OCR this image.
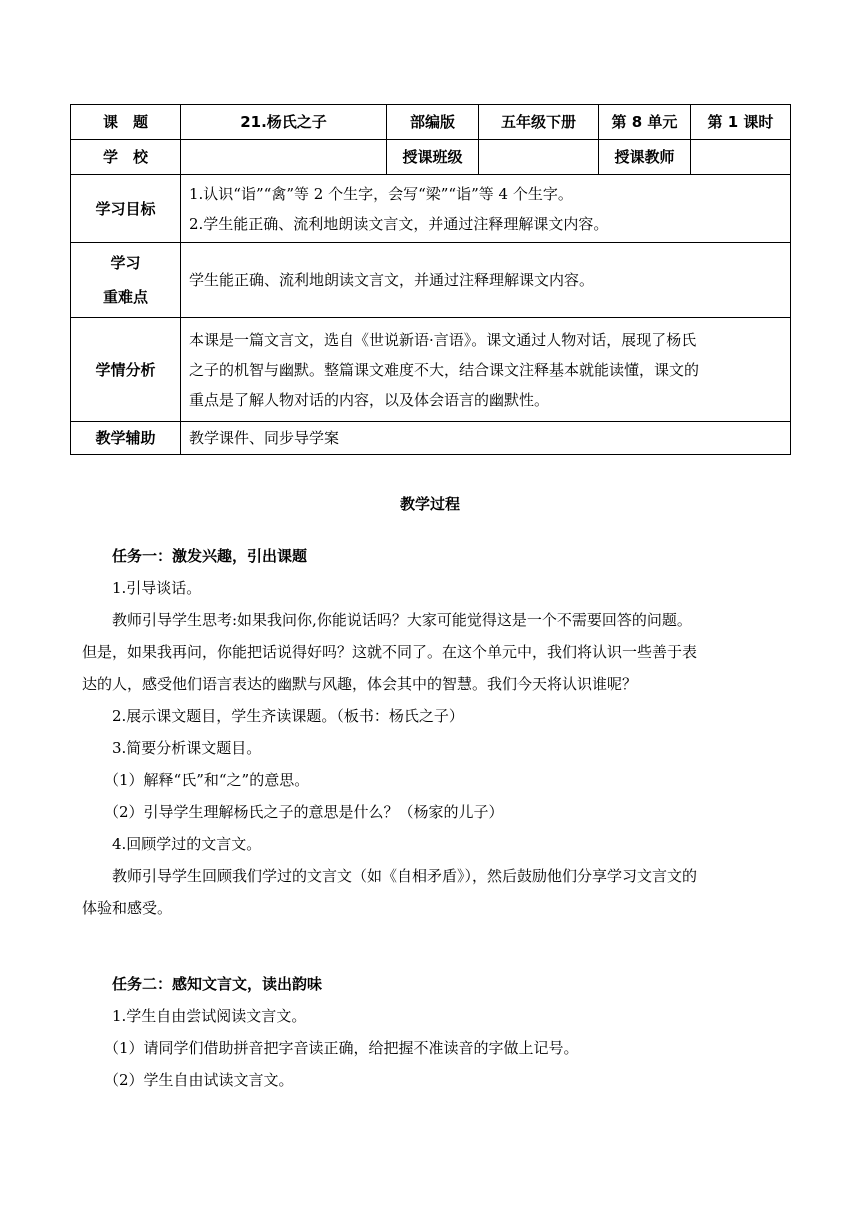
课　题	21.杨氏之子	部编版	五年级下册	第 8 单元	第 1 课时
学　校		授课班级		授课教师	
学习目标	1.认识“诣”“禽”等 2 个生字，会写“梁”“诣”等 4 个生字。
2.学生能正确、流利地朗读文言文，并通过注释理解课文内容。				

学习
重难点	学生能正确、流利地朗读文言文，并通过注释理解课文内容。				
学情分析	本课是一篇文言文，选自《世说新语·言语》。课文通过人物对话，展现了杨氏
之子的机智与幽默。整篇课文难度不大，结合课文注释基本就能读懂，课文的
重点是了解人物对话的内容，以及体会语言的幽默性。				

教学辅助	教学课件、同步导学案				
教学过程

任务一：激发兴趣，引出课题

1.引导谈话。

教师引导学生思考:如果我问你,你能说话吗？大家可能觉得这是一个不需要回答的问题。

但是，如果我再问，你能把话说得好吗？这就不同了。在这个单元中，我们将认识一些善于表

达的人，感受他们语言表达的幽默与风趣，体会其中的智慧。我们今天将认识谁呢？

2.展示课文题目，学生齐读课题。（板书：杨氏之子）

3.简要分析课文题目。

（1）解释“氏”和“之”的意思。

（2）引导学生理解杨氏之子的意思是什么？（杨家的儿子）

4.回顾学过的文言文。

教师引导学生回顾我们学过的文言文（如《自相矛盾》），然后鼓励他们分享学习文言文的

体验和感受。

任务二：感知文言文，读出韵味

1.学生自由尝试阅读文言文。

（1）请同学们借助拼音把字音读正确，给把握不准读音的字做上记号。

（2）学生自由试读文言文。
